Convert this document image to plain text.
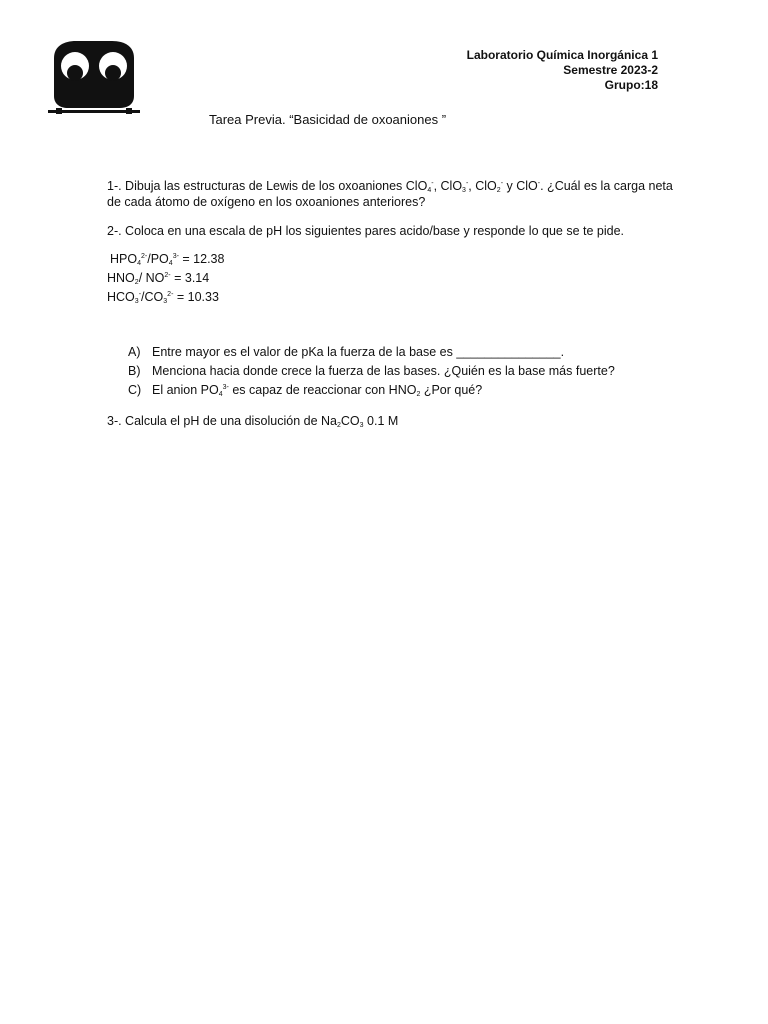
Laboratorio Química Inorgánica 1
Semestre 2023-2
Grupo:18
Tarea Previa. “Basicidad de oxoaniones ”
1-. Dibuja las estructuras de Lewis de los oxoaniones ClO$_4$-, ClO$_3$-, ClO$_2$- y ClO-. ¿Cuál es la carga neta
de cada átomo de oxígeno en los oxoaniones anteriores?
2-. Coloca en una escala de pH los siguientes pares acido/base y responde lo que se te pide.
$HPO_4^{2-}/PO_4^{3-} = 12.38$
$HNO_2/$ $NO^{2-} = 3.14$
$HCO_3^-/CO_3^{2-} = 10.33$
A) Entre mayor es el valor de pKa la fuerza de la base es _______________.
B) Menciona hacia donde crece la fuerza de las bases. ¿Quién es la base más fuerte?
C) El anion $PO_4^{3-}$ es capaz de reaccionar con $HNO_2$ ¿Por qué?
3-. Calcula el pH de una disolución de $Na_2CO_3$ 0.1 M
